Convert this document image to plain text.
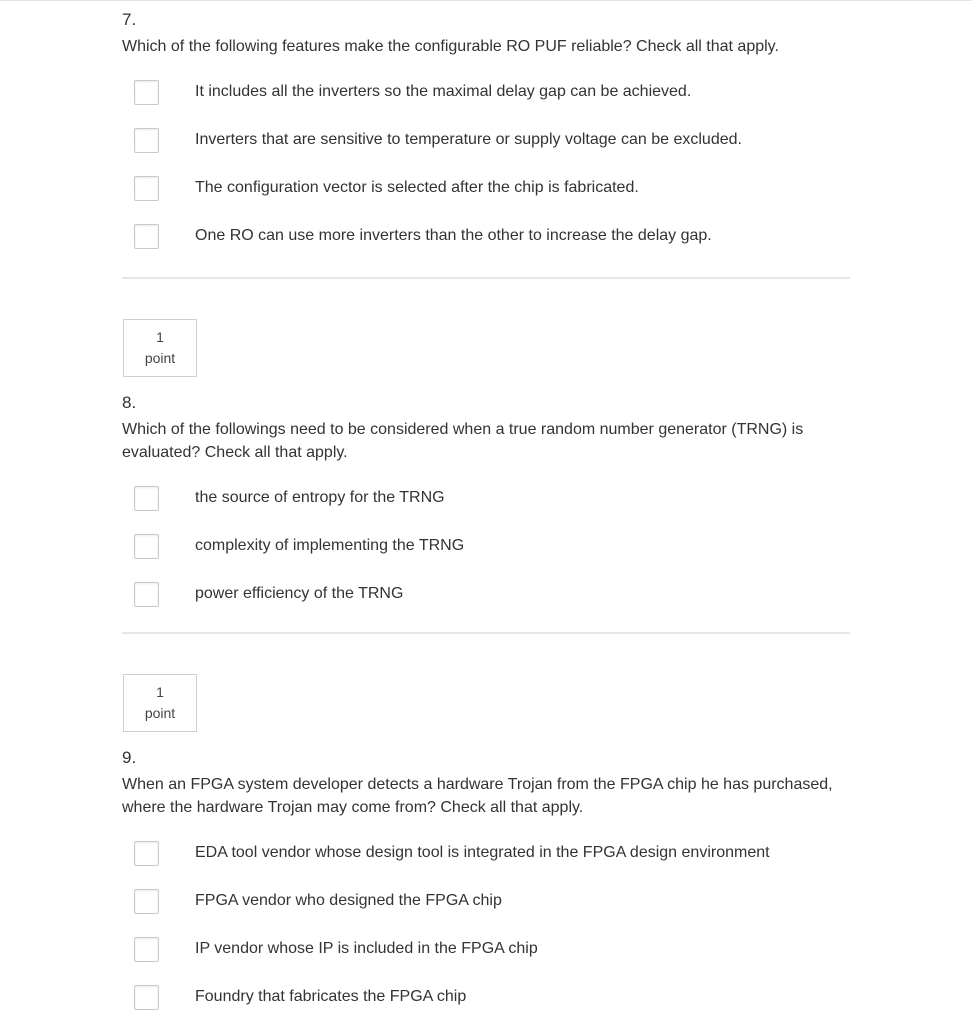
7.
Which of the following features make the configurable RO PUF reliable? Check all that apply.
It includes all the inverters so the maximal delay gap can be achieved.
Inverters that are sensitive to temperature or supply voltage can be excluded.
The configuration vector is selected after the chip is fabricated.
One RO can use more inverters than the other to increase the delay gap.
1
point
8.
Which of the followings need to be considered when a true random number generator (TRNG) is evaluated? Check all that apply.
the source of entropy for the TRNG
complexity of implementing the TRNG
power efficiency of the TRNG
1
point
9.
When an FPGA system developer detects a hardware Trojan from the FPGA chip he has purchased, where the hardware Trojan may come from? Check all that apply.
EDA tool vendor whose design tool is integrated in the FPGA design environment
FPGA vendor who designed the FPGA chip
IP vendor whose IP is included in the FPGA chip
Foundry that fabricates the FPGA chip
